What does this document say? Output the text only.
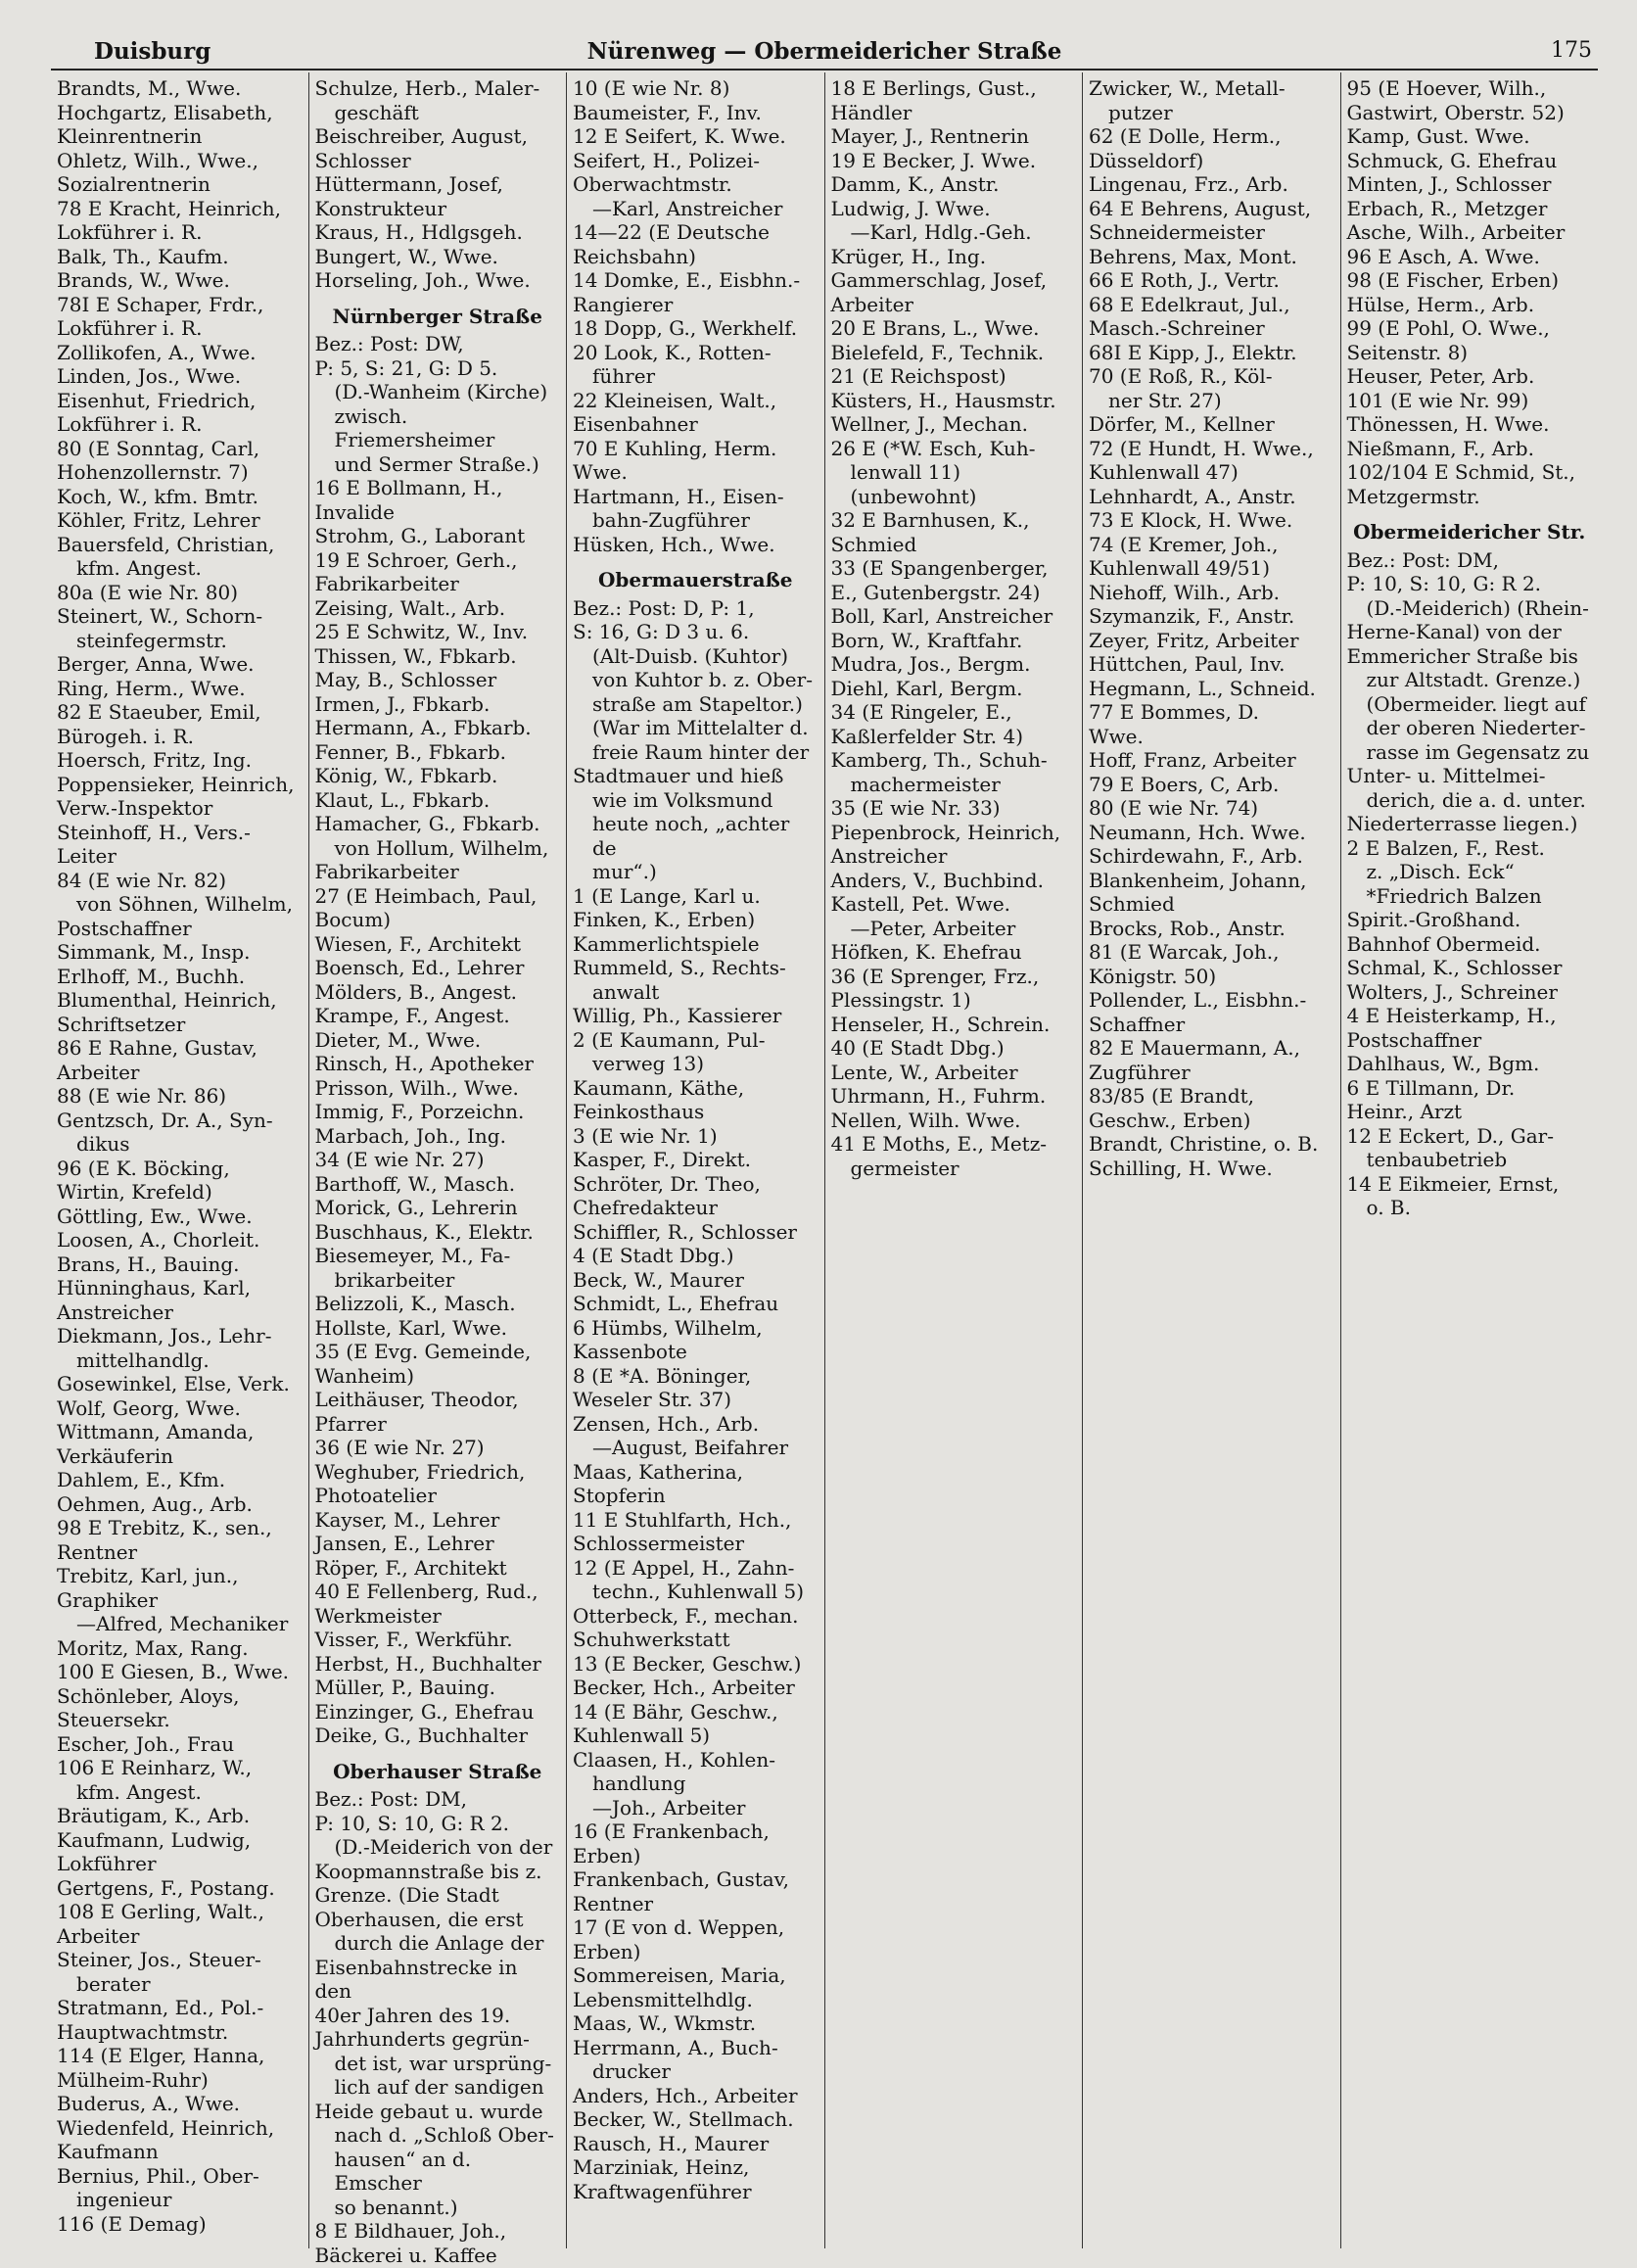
Duisburg	Nürenweg — Obermeidericher Straße	175

Brandts, M., Wwe.

Hochgartz, Elisabeth,

Kleinrentnerin

Ohletz, Wilh., Wwe.,

Sozialrentnerin

78 E Kracht, Heinrich,

Lokführer i. R.

Balk, Th., Kaufm.

Brands, W., Wwe.

78I E Schaper, Frdr.,

Lokführer i. R.

Zollikofen, A., Wwe.

Linden, Jos., Wwe.

Eisenhut, Friedrich,

Lokführer i. R.

80 (E Sonntag, Carl,

Hohenzollernstr. 7)

Koch, W., kfm. Bmtr.

Köhler, Fritz, Lehrer

Bauersfeld, Christian,

kfm. Angest.

80a (E wie Nr. 80)

Steinert, W., Schorn-

steinfegermstr.

Berger, Anna, Wwe.

Ring, Herm., Wwe.

82 E Staeuber, Emil,

Bürogeh. i. R.

Hoersch, Fritz, Ing.

Poppensieker, Heinrich,

Verw.-Inspektor

Steinhoff, H., Vers.-

Leiter

84 (E wie Nr. 82)

von Söhnen, Wilhelm,

Postschaffner

Simmank, M., Insp.

Erlhoff, M., Buchh.

Blumenthal, Heinrich,

Schriftsetzer

86 E Rahne, Gustav,

Arbeiter

88 (E wie Nr. 86)

Gentzsch, Dr. A., Syn-

dikus

96 (E K. Böcking,

Wirtin, Krefeld)

Göttling, Ew., Wwe.

Loosen, A., Chorleit.

Brans, H., Bauing.

Hünninghaus, Karl,

Anstreicher

Diekmann, Jos., Lehr-

mittelhandlg.

Gosewinkel, Else, Verk.

Wolf, Georg, Wwe.

Wittmann, Amanda,

Verkäuferin

Dahlem, E., Kfm.

Oehmen, Aug., Arb.

98 E Trebitz, K., sen.,

Rentner

Trebitz, Karl, jun.,

Graphiker

—Alfred, Mechaniker

Moritz, Max, Rang.

100 E Giesen, B., Wwe.

Schönleber, Aloys,

Steuersekr.

Escher, Joh., Frau

106 E Reinharz, W.,

kfm. Angest.

Bräutigam, K., Arb.

Kaufmann, Ludwig,

Lokführer

Gertgens, F., Postang.

108 E Gerling, Walt.,

Arbeiter

Steiner, Jos., Steuer-

berater

Stratmann, Ed., Pol.-

Hauptwachtmstr.

114 (E Elger, Hanna,

Mülheim-Ruhr)

Buderus, A., Wwe.

Wiedenfeld, Heinrich,

Kaufmann

Bernius, Phil., Ober-

ingenieur

116 (E Demag)

Schulze, Herb., Maler-

geschäft

Beischreiber, August,

Schlosser

Hüttermann, Josef,

Konstrukteur

Kraus, H., Hdlgsgeh.

Bungert, W., Wwe.

Horseling, Joh., Wwe.

Nürnberger Straße

Bez.: Post: DW,

P: 5, S: 21, G: D 5.

(D.-Wanheim (Kirche)

zwisch. Friemersheimer

und Sermer Straße.)

16 E Bollmann, H.,

Invalide

Strohm, G., Laborant

19 E Schroer, Gerh.,

Fabrikarbeiter

Zeising, Walt., Arb.

25 E Schwitz, W., Inv.

Thissen, W., Fbkarb.

May, B., Schlosser

Irmen, J., Fbkarb.

Hermann, A., Fbkarb.

Fenner, B., Fbkarb.

König, W., Fbkarb.

Klaut, L., Fbkarb.

Hamacher, G., Fbkarb.

von Hollum, Wilhelm,

Fabrikarbeiter

27 (E Heimbach, Paul,

Bocum)

Wiesen, F., Architekt

Boensch, Ed., Lehrer

Mölders, B., Angest.

Krampe, F., Angest.

Dieter, M., Wwe.

Rinsch, H., Apotheker

Prisson, Wilh., Wwe.

Immig, F., Porzeichn.

Marbach, Joh., Ing.

34 (E wie Nr. 27)

Barthoff, W., Masch.

Morick, G., Lehrerin

Buschhaus, K., Elektr.

Biesemeyer, M., Fa-

brikarbeiter

Belizzoli, K., Masch.

Hollste, Karl, Wwe.

35 (E Evg. Gemeinde,

Wanheim)

Leithäuser, Theodor,

Pfarrer

36 (E wie Nr. 27)

Weghuber, Friedrich,

Photoatelier

Kayser, M., Lehrer

Jansen, E., Lehrer

Röper, F., Architekt

40 E Fellenberg, Rud.,

Werkmeister

Visser, F., Werkführ.

Herbst, H., Buchhalter

Müller, P., Bauing.

Einzinger, G., Ehefrau

Deike, G., Buchhalter

Oberhauser Straße

Bez.: Post: DM,

P: 10, S: 10, G: R 2.

(D.-Meiderich von der

Koopmannstraße bis z.

Grenze. (Die Stadt

Oberhausen, die erst

durch die Anlage der

Eisenbahnstrecke in den

40er Jahren des 19.

Jahrhunderts gegrün-

det ist, war ursprüng-

lich auf der sandigen

Heide gebaut u. wurde

nach d. „Schloß Ober-

hausen“ an d. Emscher

so benannt.)

8 E Bildhauer, Joh.,

Bäckerei u. Kaffee

10 (E wie Nr. 8)

Baumeister, F., Inv.

12 E Seifert, K. Wwe.

Seifert, H., Polizei-

Oberwachtmstr.

—Karl, Anstreicher

14—22 (E Deutsche

Reichsbahn)

14 Domke, E., Eisbhn.-

Rangierer

18 Dopp, G., Werkhelf.

20 Look, K., Rotten-

führer

22 Kleineisen, Walt.,

Eisenbahner

70 E Kuhling, Herm.

Wwe.

Hartmann, H., Eisen-

bahn-Zugführer

Hüsken, Hch., Wwe.

Obermauerstraße

Bez.: Post: D, P: 1,

S: 16, G: D 3 u. 6.

(Alt-Duisb. (Kuhtor)

von Kuhtor b. z. Ober-

straße am Stapeltor.)

(War im Mittelalter d.

freie Raum hinter der

Stadtmauer und hieß

wie im Volksmund

heute noch, „achter de

mur“.)

1 (E Lange, Karl u.

Finken, K., Erben)

Kammerlichtspiele

Rummeld, S., Rechts-

anwalt

Willig, Ph., Kassierer

2 (E Kaumann, Pul-

verweg 13)

Kaumann, Käthe,

Feinkosthaus

3 (E wie Nr. 1)

Kasper, F., Direkt.

Schröter, Dr. Theo,

Chefredakteur

Schiffler, R., Schlosser

4 (E Stadt Dbg.)

Beck, W., Maurer

Schmidt, L., Ehefrau

6 Hümbs, Wilhelm,

Kassenbote

8 (E *A. Böninger,

Weseler Str. 37)

Zensen, Hch., Arb.

—August, Beifahrer

Maas, Katherina,

Stopferin

11 E Stuhlfarth, Hch.,

Schlossermeister

12 (E Appel, H., Zahn-

techn., Kuhlenwall 5)

Otterbeck, F., mechan.

Schuhwerkstatt

13 (E Becker, Geschw.)

Becker, Hch., Arbeiter

14 (E Bähr, Geschw.,

Kuhlenwall 5)

Claasen, H., Kohlen-

handlung

—Joh., Arbeiter

16 (E Frankenbach,

Erben)

Frankenbach, Gustav,

Rentner

17 (E von d. Weppen,

Erben)

Sommereisen, Maria,

Lebensmittelhdlg.

Maas, W., Wkmstr.

Herrmann, A., Buch-

drucker

Anders, Hch., Arbeiter

Becker, W., Stellmach.

Rausch, H., Maurer

Marziniak, Heinz,

Kraftwagenführer

18 E Berlings, Gust.,

Händler

Mayer, J., Rentnerin

19 E Becker, J. Wwe.

Damm, K., Anstr.

Ludwig, J. Wwe.

—Karl, Hdlg.-Geh.

Krüger, H., Ing.

Gammerschlag, Josef,

Arbeiter

20 E Brans, L., Wwe.

Bielefeld, F., Technik.

21 (E Reichspost)

Küsters, H., Hausmstr.

Wellner, J., Mechan.

26 E (*W. Esch, Kuh-

lenwall 11)

(unbewohnt)

32 E Barnhusen, K.,

Schmied

33 (E Spangenberger,

E., Gutenbergstr. 24)

Boll, Karl, Anstreicher

Born, W., Kraftfahr.

Mudra, Jos., Bergm.

Diehl, Karl, Bergm.

34 (E Ringeler, E.,

Kaßlerfelder Str. 4)

Kamberg, Th., Schuh-

machermeister

35 (E wie Nr. 33)

Piepenbrock, Heinrich,

Anstreicher

Anders, V., Buchbind.

Kastell, Pet. Wwe.

—Peter, Arbeiter

Höfken, K. Ehefrau

36 (E Sprenger, Frz.,

Plessingstr. 1)

Henseler, H., Schrein.

40 (E Stadt Dbg.)

Lente, W., Arbeiter

Uhrmann, H., Fuhrm.

Nellen, Wilh. Wwe.

41 E Moths, E., Metz-

germeister

Zwicker, W., Metall-

putzer

62 (E Dolle, Herm.,

Düsseldorf)

Lingenau, Frz., Arb.

64 E Behrens, August,

Schneidermeister

Behrens, Max, Mont.

66 E Roth, J., Vertr.

68 E Edelkraut, Jul.,

Masch.-Schreiner

68I E Kipp, J., Elektr.

70 (E Roß, R., Köl-

ner Str. 27)

Dörfer, M., Kellner

72 (E Hundt, H. Wwe.,

Kuhlenwall 47)

Lehnhardt, A., Anstr.

73 E Klock, H. Wwe.

74 (E Kremer, Joh.,

Kuhlenwall 49/51)

Niehoff, Wilh., Arb.

Szymanzik, F., Anstr.

Zeyer, Fritz, Arbeiter

Hüttchen, Paul, Inv.

Hegmann, L., Schneid.

77 E Bommes, D.

Wwe.

Hoff, Franz, Arbeiter

79 E Boers, C, Arb.

80 (E wie Nr. 74)

Neumann, Hch. Wwe.

Schirdewahn, F., Arb.

Blankenheim, Johann,

Schmied

Brocks, Rob., Anstr.

81 (E Warcak, Joh.,

Königstr. 50)

Pollender, L., Eisbhn.-

Schaffner

82 E Mauermann, A.,

Zugführer

83/85 (E Brandt,

Geschw., Erben)

Brandt, Christine, o. B.

Schilling, H. Wwe.

95 (E Hoever, Wilh.,

Gastwirt, Oberstr. 52)

Kamp, Gust. Wwe.

Schmuck, G. Ehefrau

Minten, J., Schlosser

Erbach, R., Metzger

Asche, Wilh., Arbeiter

96 E Asch, A. Wwe.

98 (E Fischer, Erben)

Hülse, Herm., Arb.

99 (E Pohl, O. Wwe.,

Seitenstr. 8)

Heuser, Peter, Arb.

101 (E wie Nr. 99)

Thönessen, H. Wwe.

Nießmann, F., Arb.

102/104 E Schmid, St.,

Metzgermstr.

Obermeidericher Str.

Bez.: Post: DM,

P: 10, S: 10, G: R 2.

(D.-Meiderich) (Rhein-

Herne-Kanal) von der

Emmericher Straße bis

zur Altstadt. Grenze.)

(Obermeider. liegt auf

der oberen Niederter-

rasse im Gegensatz zu

Unter- u. Mittelmei-

derich, die a. d. unter.

Niederterrasse liegen.)

2 E Balzen, F., Rest.

z. „Disch. Eck“

*Friedrich Balzen

Spirit.-Großhand.

Bahnhof Obermeid.

Schmal, K., Schlosser

Wolters, J., Schreiner

4 E Heisterkamp, H.,

Postschaffner

Dahlhaus, W., Bgm.

6 E Tillmann, Dr.

Heinr., Arzt

12 E Eckert, D., Gar-

tenbaubetrieb

14 E Eikmeier, Ernst,

o. B.
